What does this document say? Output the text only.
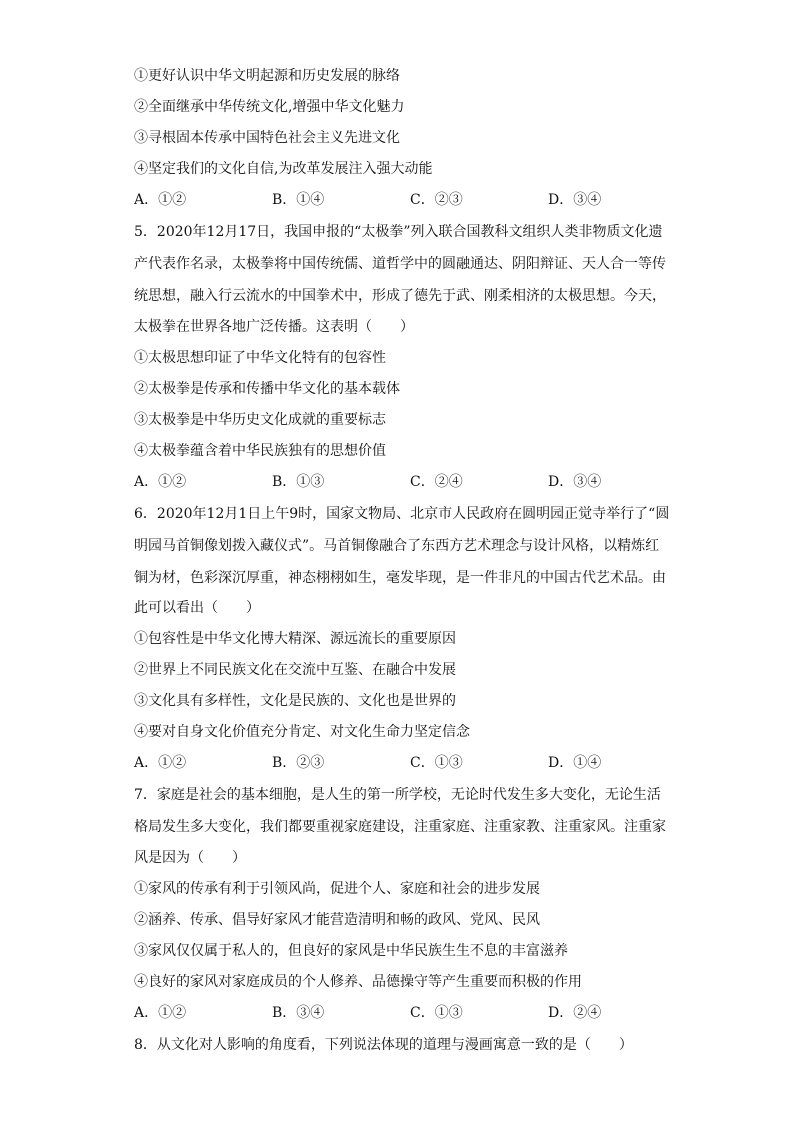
①更好认识中华文明起源和历史发展的脉络
②全面继承中华传统文化,增强中华文化魅力
③寻根固本传承中国特色社会主义先进文化
④坚定我们的文化自信,为改革发展注入强大动能
A．①②	B．①④	C．②③	D．③④
5．2020年12月17日，我国申报的“太极拳”列入联合国教科文组织人类非物质文化遗
产代表作名录，太极拳将中国传统儒、道哲学中的圆融通达、阴阳辩证、天人合一等传
统思想，融入行云流水的中国拳术中，形成了德先于武、刚柔相济的太极思想。今天，
太极拳在世界各地广泛传播。这表明（　　）
①太极思想印证了中华文化特有的包容性
②太极拳是传承和传播中华文化的基本载体
③太极拳是中华历史文化成就的重要标志
④太极拳蕴含着中华民族独有的思想价值
A．①②	B．①③	C．②④	D．③④
6．2020年12月1日上午9时，国家文物局、北京市人民政府在圆明园正觉寺举行了“圆
明园马首铜像划拨入藏仪式”。马首铜像融合了东西方艺术理念与设计风格，以精炼红
铜为材，色彩深沉厚重，神态栩栩如生，毫发毕现，是一件非凡的中国古代艺术品。由
此可以看出（　　）
①包容性是中华文化博大精深、源远流长的重要原因
②世界上不同民族文化在交流中互鉴、在融合中发展
③文化具有多样性，文化是民族的、文化也是世界的
④要对自身文化价值充分肯定、对文化生命力坚定信念
A．①②	B．②③	C．①③	D．①④
7．家庭是社会的基本细胞，是人生的第一所学校，无论时代发生多大变化，无论生活
格局发生多大变化，我们都要重视家庭建设，注重家庭、注重家教、注重家风。注重家
风是因为（　　）
①家风的传承有利于引领风尚，促进个人、家庭和社会的进步发展
②涵养、传承、倡导好家风才能营造清明和畅的政风、党风、民风
③家风仅仅属于私人的，但良好的家风是中华民族生生不息的丰富滋养
④良好的家风对家庭成员的个人修养、品德操守等产生重要而积极的作用
A．①②	B．③④	C．①③	D．②④
8．从文化对人影响的角度看，下列说法体现的道理与漫画寓意一致的是（　　）
